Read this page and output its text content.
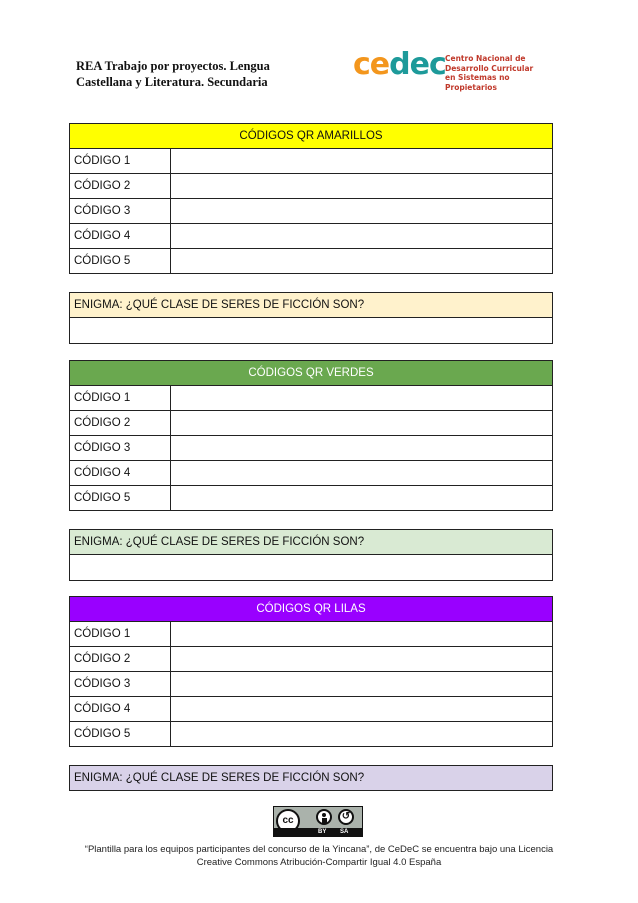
REA Trabajo por proyectos. Lengua
Castellana y Literatura. Secundaria	cedec Centro Nacional de
Desarrollo Curricular
en Sistemas no Propietarios
CÓDIGOS QR AMARILLOS
CÓDIGO 1
CÓDIGO 2
CÓDIGO 3
CÓDIGO 4
CÓDIGO 5
ENIGMA: ¿QUÉ CLASE DE SERES DE FICCIÓN SON?
CÓDIGOS QR VERDES
CÓDIGO 1
CÓDIGO 2
CÓDIGO 3
CÓDIGO 4
CÓDIGO 5
ENIGMA: ¿QUÉ CLASE DE SERES DE FICCIÓN SON?
CÓDIGOS QR LILAS
CÓDIGO 1
CÓDIGO 2
CÓDIGO 3
CÓDIGO 4
CÓDIGO 5
ENIGMA: ¿QUÉ CLASE DE SERES DE FICCIÓN SON?
cc	↺
BY SA
“Plantilla para los equipos participantes del concurso de la Yincana”, de CeDeC se encuentra bajo una Licencia
Creative Commons Atribución-Compartir Igual 4.0 España
